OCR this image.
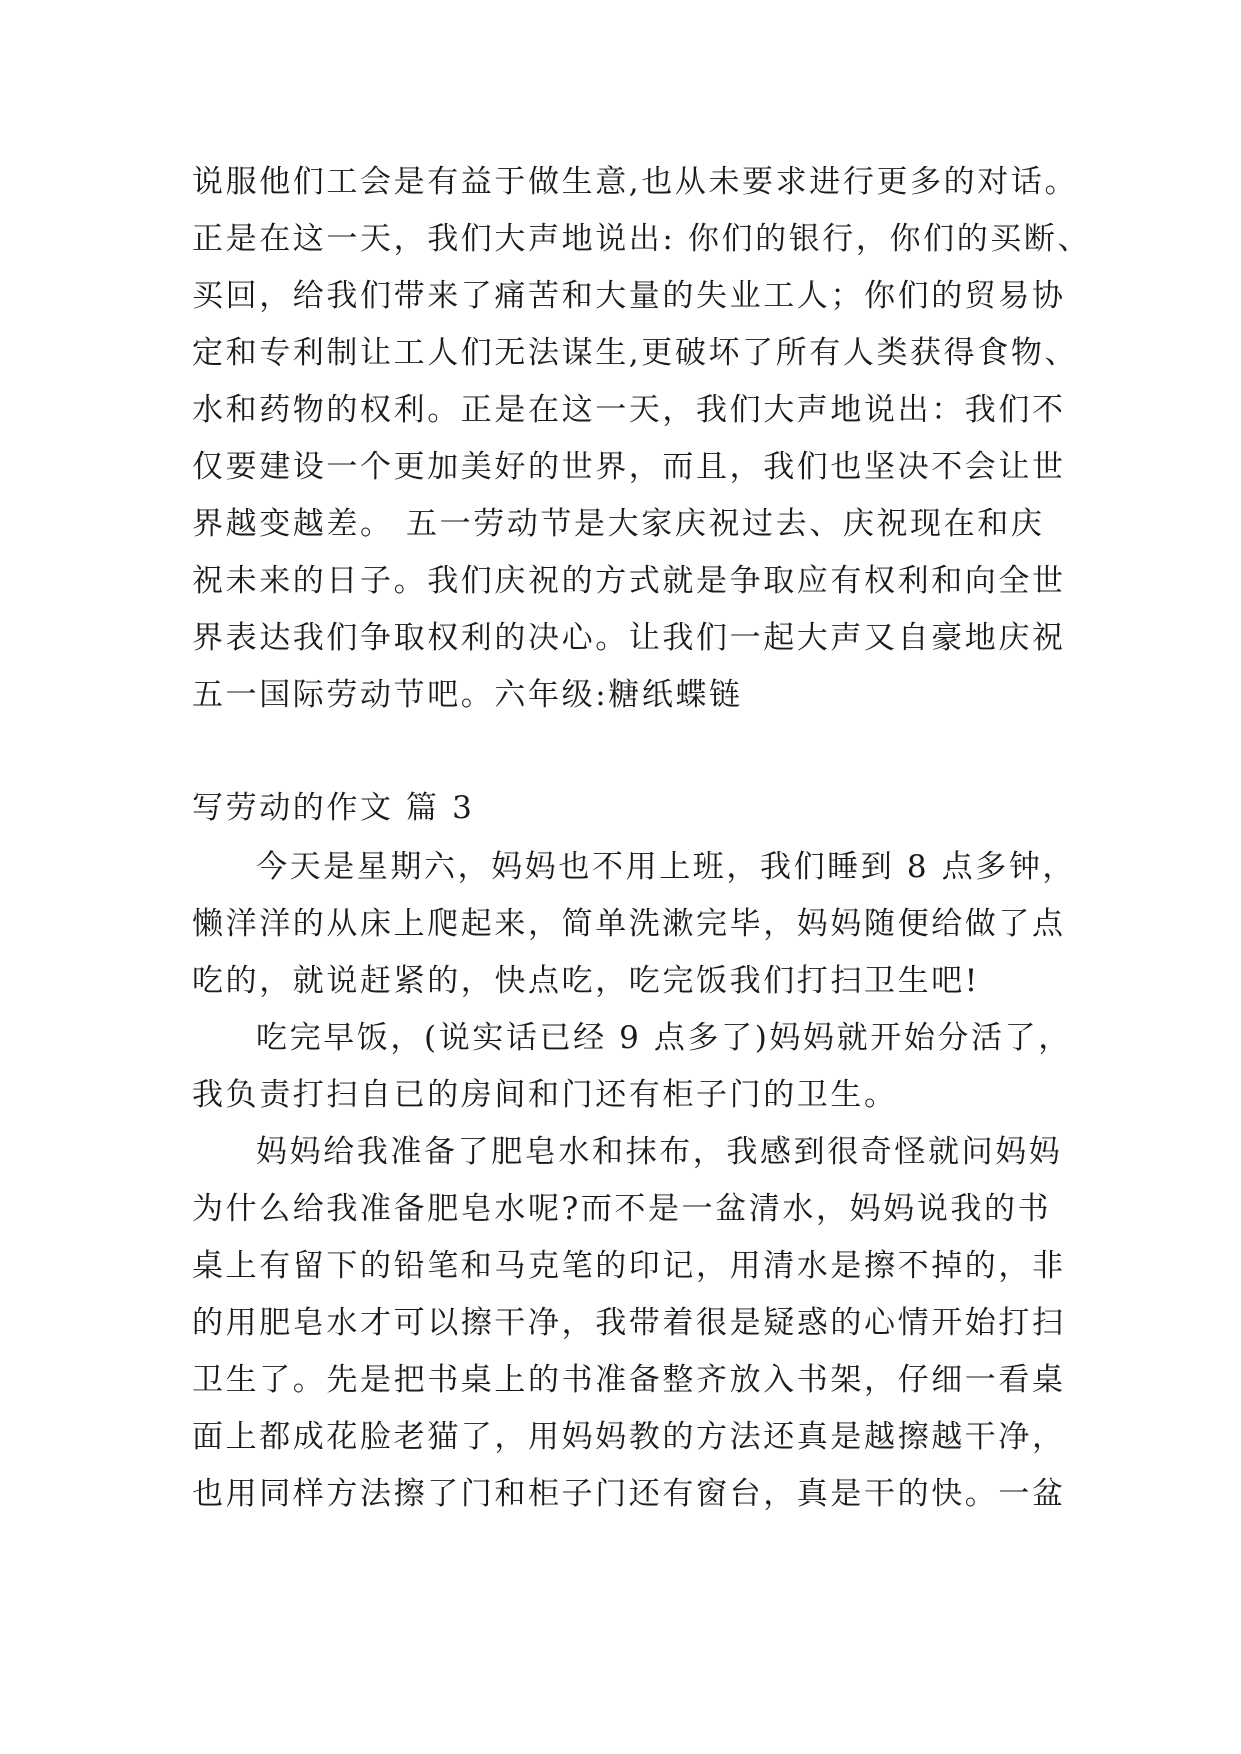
说服他们工会是有益于做生意,也从未要求进行更多的对话。
正是在这一天，我们大声地说出: 你们的银行，你们的买断、
买回，给我们带来了痛苦和大量的失业工人；你们的贸易协
定和专利制让工人们无法谋生,更破坏了所有人类获得食物、
水和药物的权利。正是在这一天，我们大声地说出：我们不
仅要建设一个更加美好的世界，而且，我们也坚决不会让世
界越变越差。 五一劳动节是大家庆祝过去、庆祝现在和庆
祝未来的日子。我们庆祝的方式就是争取应有权利和向全世
界表达我们争取权利的决心。让我们一起大声又自豪地庆祝
五一国际劳动节吧。六年级:糖纸蝶链
写劳动的作文 篇 3
今天是星期六，妈妈也不用上班，我们睡到 8 点多钟，
懒洋洋的从床上爬起来，简单洗漱完毕，妈妈随便给做了点
吃的，就说赶紧的，快点吃，吃完饭我们打扫卫生吧!
吃完早饭，(说实话已经 9 点多了)妈妈就开始分活了，
我负责打扫自已的房间和门还有柜子门的卫生。
妈妈给我准备了肥皂水和抹布，我感到很奇怪就问妈妈
为什么给我准备肥皂水呢?而不是一盆清水，妈妈说我的书
桌上有留下的铅笔和马克笔的印记，用清水是擦不掉的，非
的用肥皂水才可以擦干净，我带着很是疑惑的心情开始打扫
卫生了。先是把书桌上的书准备整齐放入书架，仔细一看桌
面上都成花脸老猫了，用妈妈教的方法还真是越擦越干净，
也用同样方法擦了门和柜子门还有窗台，真是干的快。一盆
